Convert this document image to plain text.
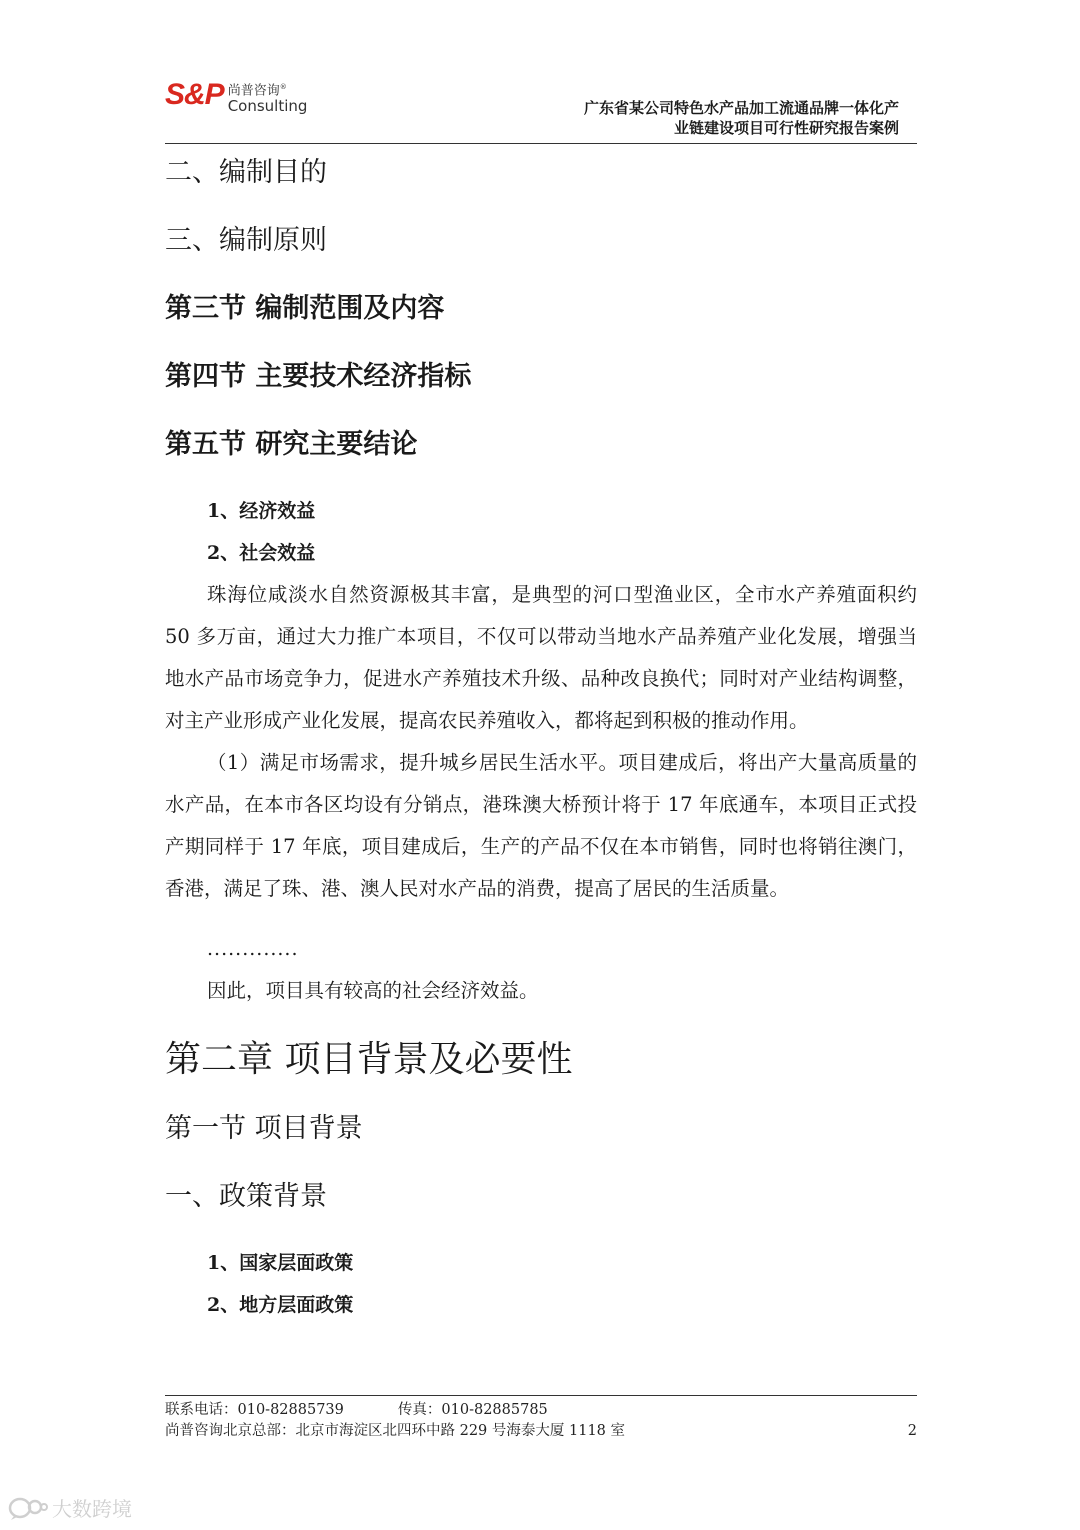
S&P 尚普咨询®
Consulting	广东省某公司特色水产品加工流通品牌一体化产
业链建设项目可行性研究报告案例
二、编制目的
三、编制原则
第三节 编制范围及内容
第四节 主要技术经济指标
第五节 研究主要结论
1、经济效益
2、社会效益

珠海位咸淡水自然资源极其丰富，是典型的河口型渔业区，全市水产养殖面积约 50 多万亩，通过大力推广本项目，不仅可以带动当地水产品养殖产业化发展，增强当地水产品市场竞争力，促进水产养殖技术升级、品种改良换代；同时对产业结构调整，对主产业形成产业化发展，提高农民养殖收入，都将起到积极的推动作用。

（1）满足市场需求，提升城乡居民生活水平。项目建成后，将出产大量高质量的水产品，在本市各区均设有分销点，港珠澳大桥预计将于 17 年底通车，本项目正式投产期同样于 17 年底，项目建成后，生产的产品不仅在本市销售，同时也将销往澳门，香港，满足了珠、港、澳人民对水产品的消费，提高了居民的生活质量。

.............
因此，项目具有较高的社会经济效益。
第二章 项目背景及必要性
第一节 项目背景
一、政策背景
1、国家层面政策
2、地方层面政策
联系电话：010-82885739	传真：010-82885785
尚普咨询北京总部：北京市海淀区北四环中路 229 号海泰大厦 1118 室	2
大数跨境
